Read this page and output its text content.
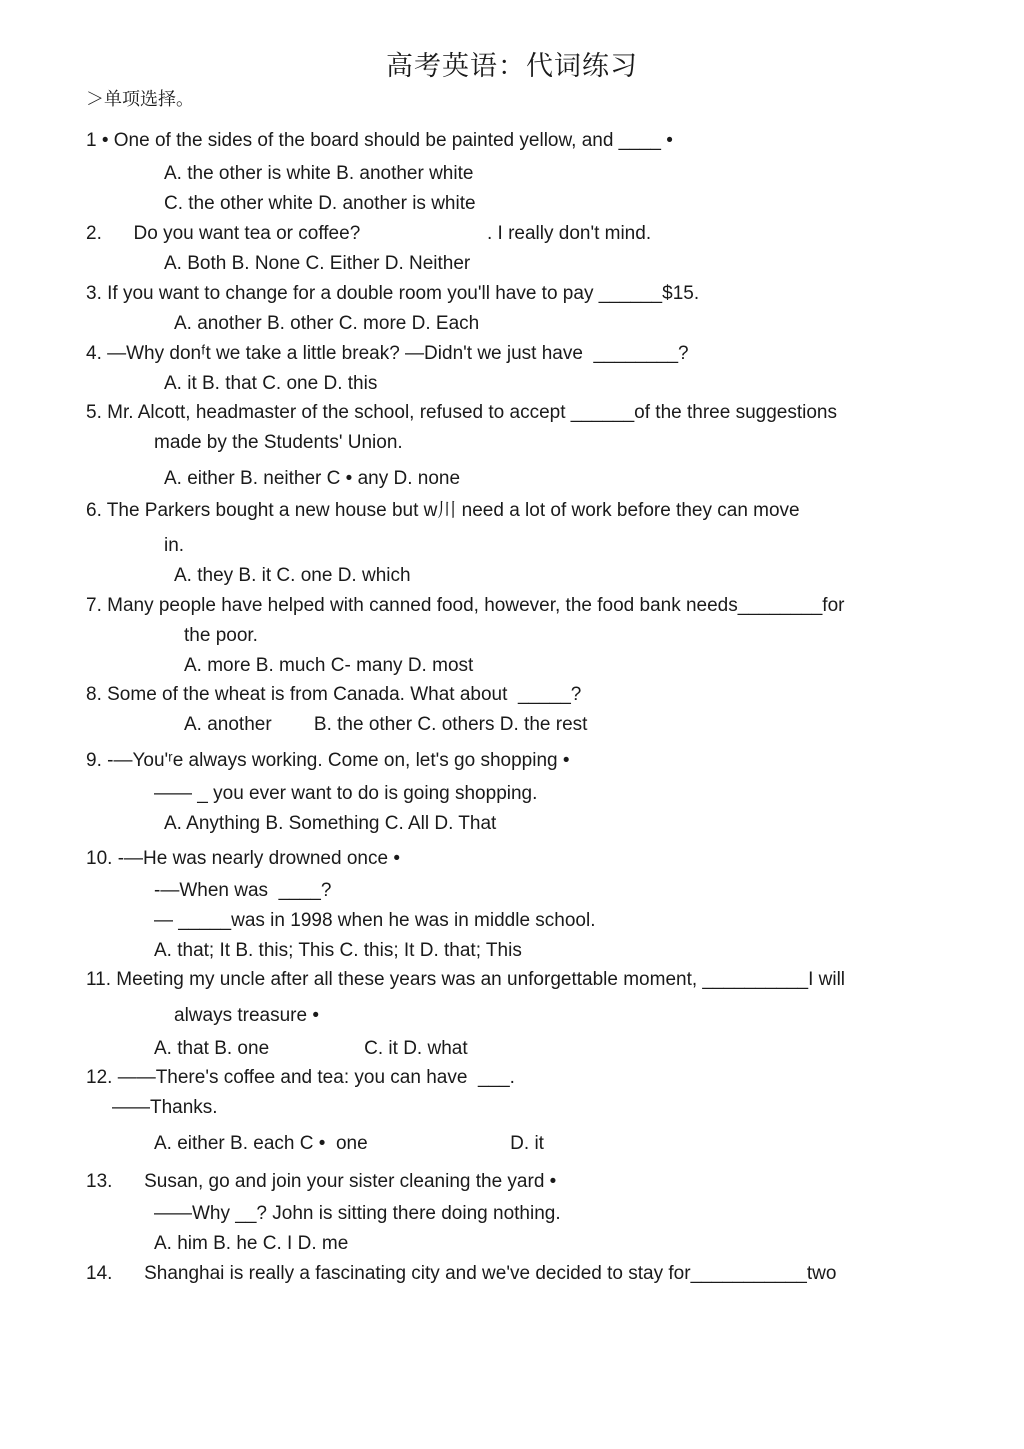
高考英语：代词练习
＞单项选择。
1 • One of the sides of the board should be painted yellow, and ____ •
A. the other is white B. another white
C. the other white D. another is white
2.      Do you want tea or coffee?                        . I really don't mind.
A. Both B. None C. Either D. Neither
3. If you want to change for a double room you'll have to pay ______$15.
A. another B. other C. more D. Each
4. —Why donᶠt we take a little break? —Didn't we just have  ________?
A. it B. that C. one D. this
5. Mr. Alcott, headmaster of the school, refused to accept ______of the three suggestions
made by the Students' Union.
A. either B. neither C • any D. none
6. The Parkers bought a new house but w川 need a lot of work before they can move
in.
A. they B. it C. one D. which
7. Many people have helped with canned food, however, the food bank needs________for
the poor.
A. more B. much C- many D. most
8. Some of the wheat is from Canada. What about  _____?
A. another        B. the other C. others D. the rest
9. -—You'ʳe always working. Come on, let's go shopping •
—— _ you ever want to do is going shopping.
A. Anything B. Something C. All D. That
10. -—He was nearly drowned once •
-—When was  ____?
— _____was in 1998 when he was in middle school.
A. that; It B. this; This C. this; It D. that; This
11. Meeting my uncle after all these years was an unforgettable moment, __________I will
always treasure •
A. that B. one                  C. it D. what
12. ——There's coffee and tea: you can have  ___.
——Thanks.
A. either B. each C •  one                           D. it
13.      Susan, go and join your sister cleaning the yard •
——Why __? John is sitting there doing nothing.
A. him B. he C. I D. me
14.      Shanghai is really a fascinating city and we've decided to stay for___________two
